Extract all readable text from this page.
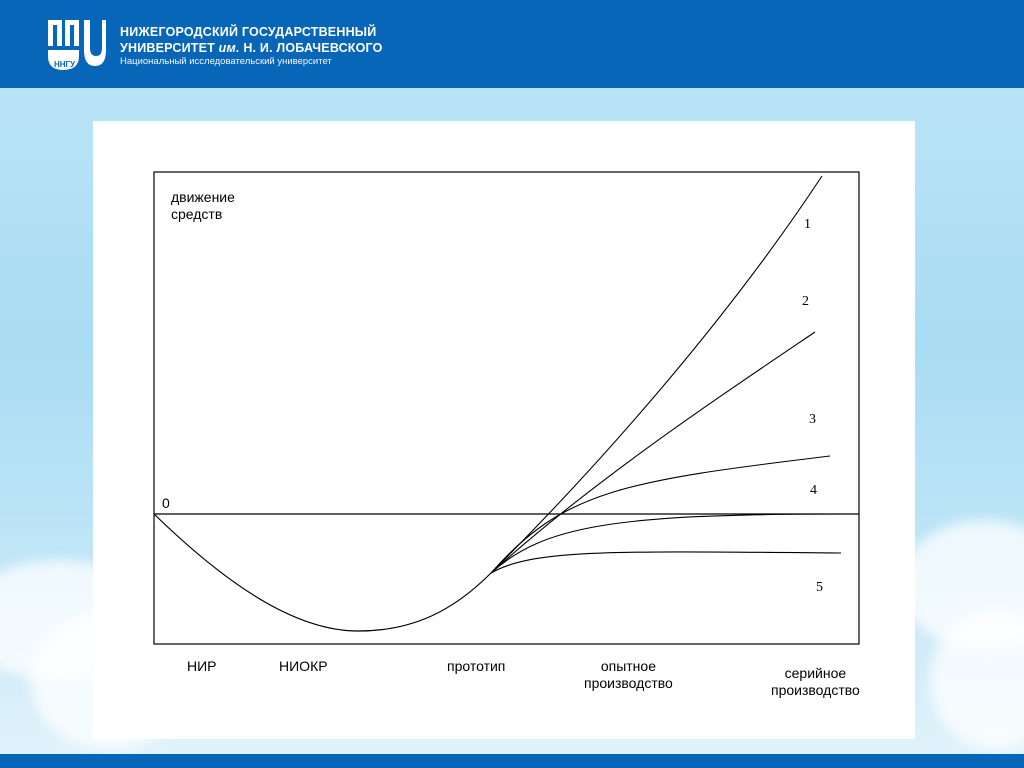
ННГУ
НИЖЕГОРОДСКИЙ ГОСУДАРСТВЕННЫЙ
УНИВЕРСИТЕТ им. Н. И. ЛОБАЧЕВСКОГО
Национальный исследовательский университет
движение
средств
0
1
2
3
4
5
НИР	НИОКР	прототип	опытное
производство
серийное
производство
